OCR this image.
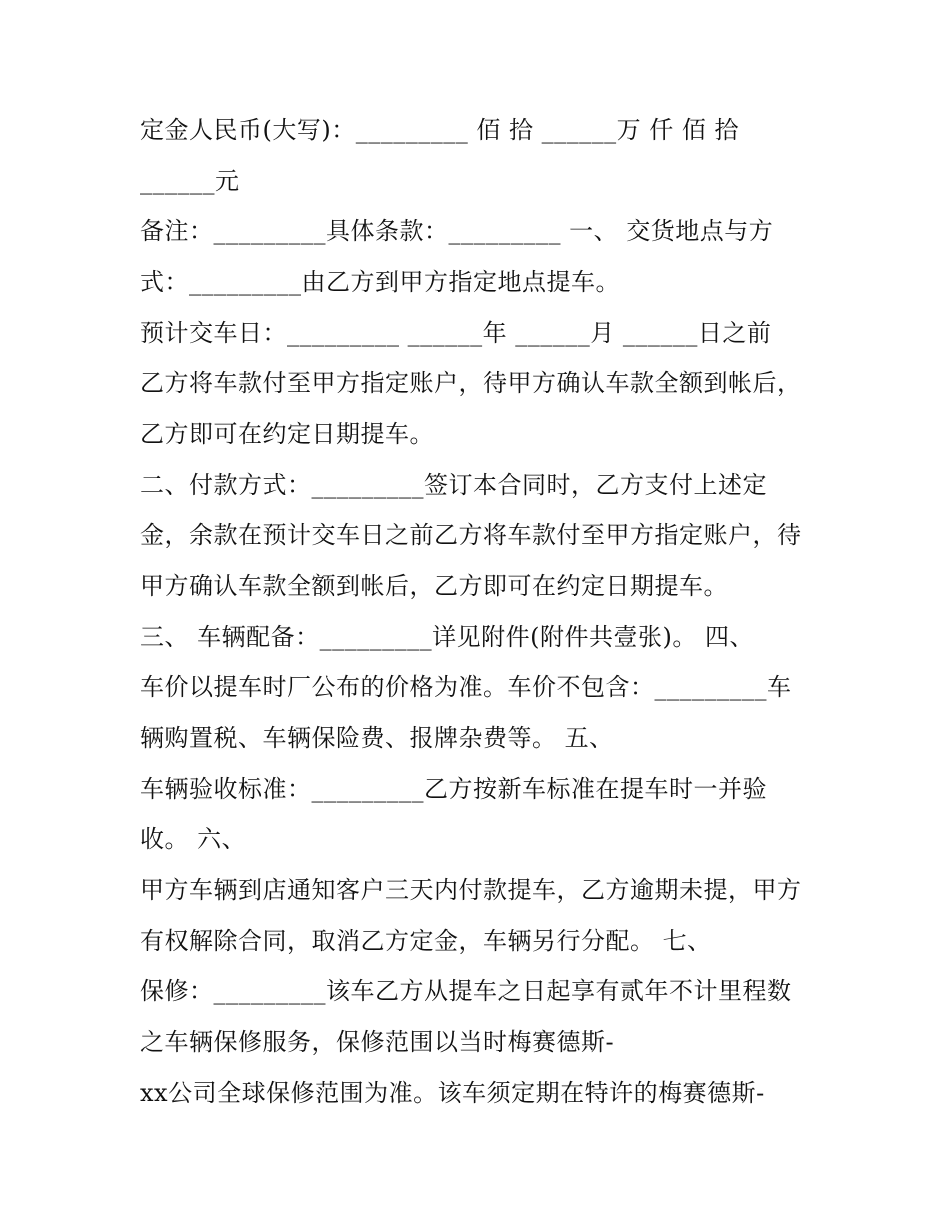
定金人民币(大写)：_________ 佰 拾 ______万 仟 佰 拾
______元
备注：_________具体条款：_________ 一、 交货地点与方
式：_________由乙方到甲方指定地点提车。
预计交车日：_________ ______年 ______月 ______日之前
乙方将车款付至甲方指定账户，待甲方确认车款全额到帐后，
乙方即可在约定日期提车。
二、付款方式：_________签订本合同时，乙方支付上述定
金，余款在预计交车日之前乙方将车款付至甲方指定账户，待
甲方确认车款全额到帐后，乙方即可在约定日期提车。
三、 车辆配备：_________详见附件(附件共壹张)。 四、
车价以提车时厂公布的价格为准。车价不包含：_________车
辆购置税、车辆保险费、报牌杂费等。 五、
车辆验收标准：_________乙方按新车标准在提车时一并验
收。 六、
甲方车辆到店通知客户三天内付款提车，乙方逾期未提，甲方
有权解除合同，取消乙方定金，车辆另行分配。 七、
保修：_________该车乙方从提车之日起享有贰年不计里程数
之车辆保修服务，保修范围以当时梅赛德斯-
xx公司全球保修范围为准。该车须定期在特许的梅赛德斯-
